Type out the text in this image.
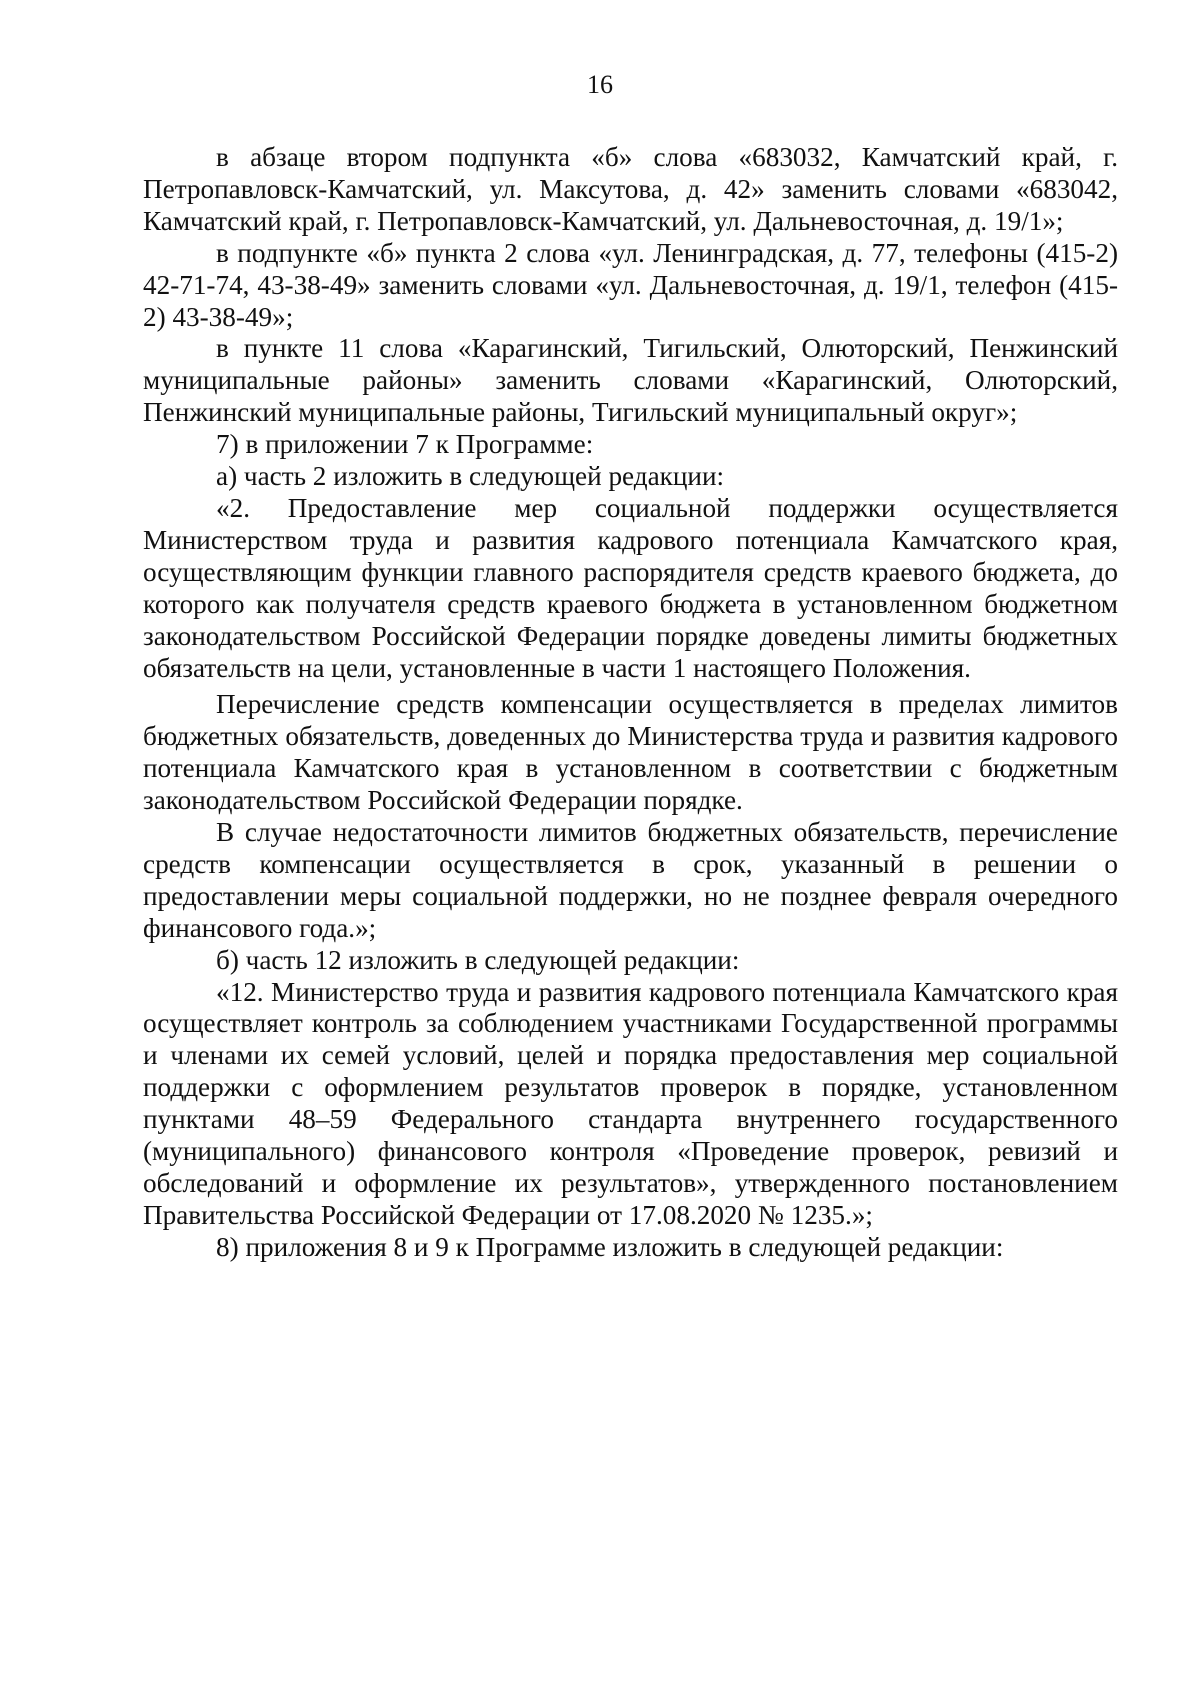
16

в абзаце втором подпункта «б» слова «683032, Камчатский край, г. Петропавловск-Камчатский, ул. Максутова, д. 42» заменить словами «683042, Камчатский край, г. Петропавловск-Камчатский, ул. Дальневосточная, д. 19/1»;

в подпункте «б» пункта 2 слова «ул. Ленинградская, д. 77, телефоны (415-2) 42-71-74, 43-38-49» заменить словами «ул. Дальневосточная, д. 19/1, телефон (415-2) 43-38-49»;

в пункте 11 слова «Карагинский, Тигильский, Олюторский, Пенжинский муниципальные районы» заменить словами «Карагинский, Олюторский, Пенжинский муниципальные районы, Тигильский муниципальный округ»;

7) в приложении 7 к Программе:

а) часть 2 изложить в следующей редакции:

«2. Предоставление мер социальной поддержки осуществляется Министерством труда и развития кадрового потенциала Камчатского края, осуществляющим функции главного распорядителя средств краевого бюджета, до которого как получателя средств краевого бюджета в установленном бюджетном законодательством Российской Федерации порядке доведены лимиты бюджетных обязательств на цели, установленные в части 1 настоящего Положения.

Перечисление средств компенсации осуществляется в пределах лимитов бюджетных обязательств, доведенных до Министерства труда и развития кадрового потенциала Камчатского края в установленном в соответствии с бюджетным законодательством Российской Федерации порядке.

В случае недостаточности лимитов бюджетных обязательств, перечисление средств компенсации осуществляется в срок, указанный в решении о предоставлении меры социальной поддержки, но не позднее февраля очередного финансового года.»;

б) часть 12 изложить в следующей редакции:

«12. Министерство труда и развития кадрового потенциала Камчатского края осуществляет контроль за соблюдением участниками Государственной программы и членами их семей условий, целей и порядка предоставления мер социальной поддержки с оформлением результатов проверок в порядке, установленном пунктами 48–59 Федерального стандарта внутреннего государственного (муниципального) финансового контроля «Проведение проверок, ревизий и обследований и оформление их результатов», утвержденного постановлением Правительства Российской Федерации от 17.08.2020 № 1235.»;

8) приложения 8 и 9 к Программе изложить в следующей редакции:
